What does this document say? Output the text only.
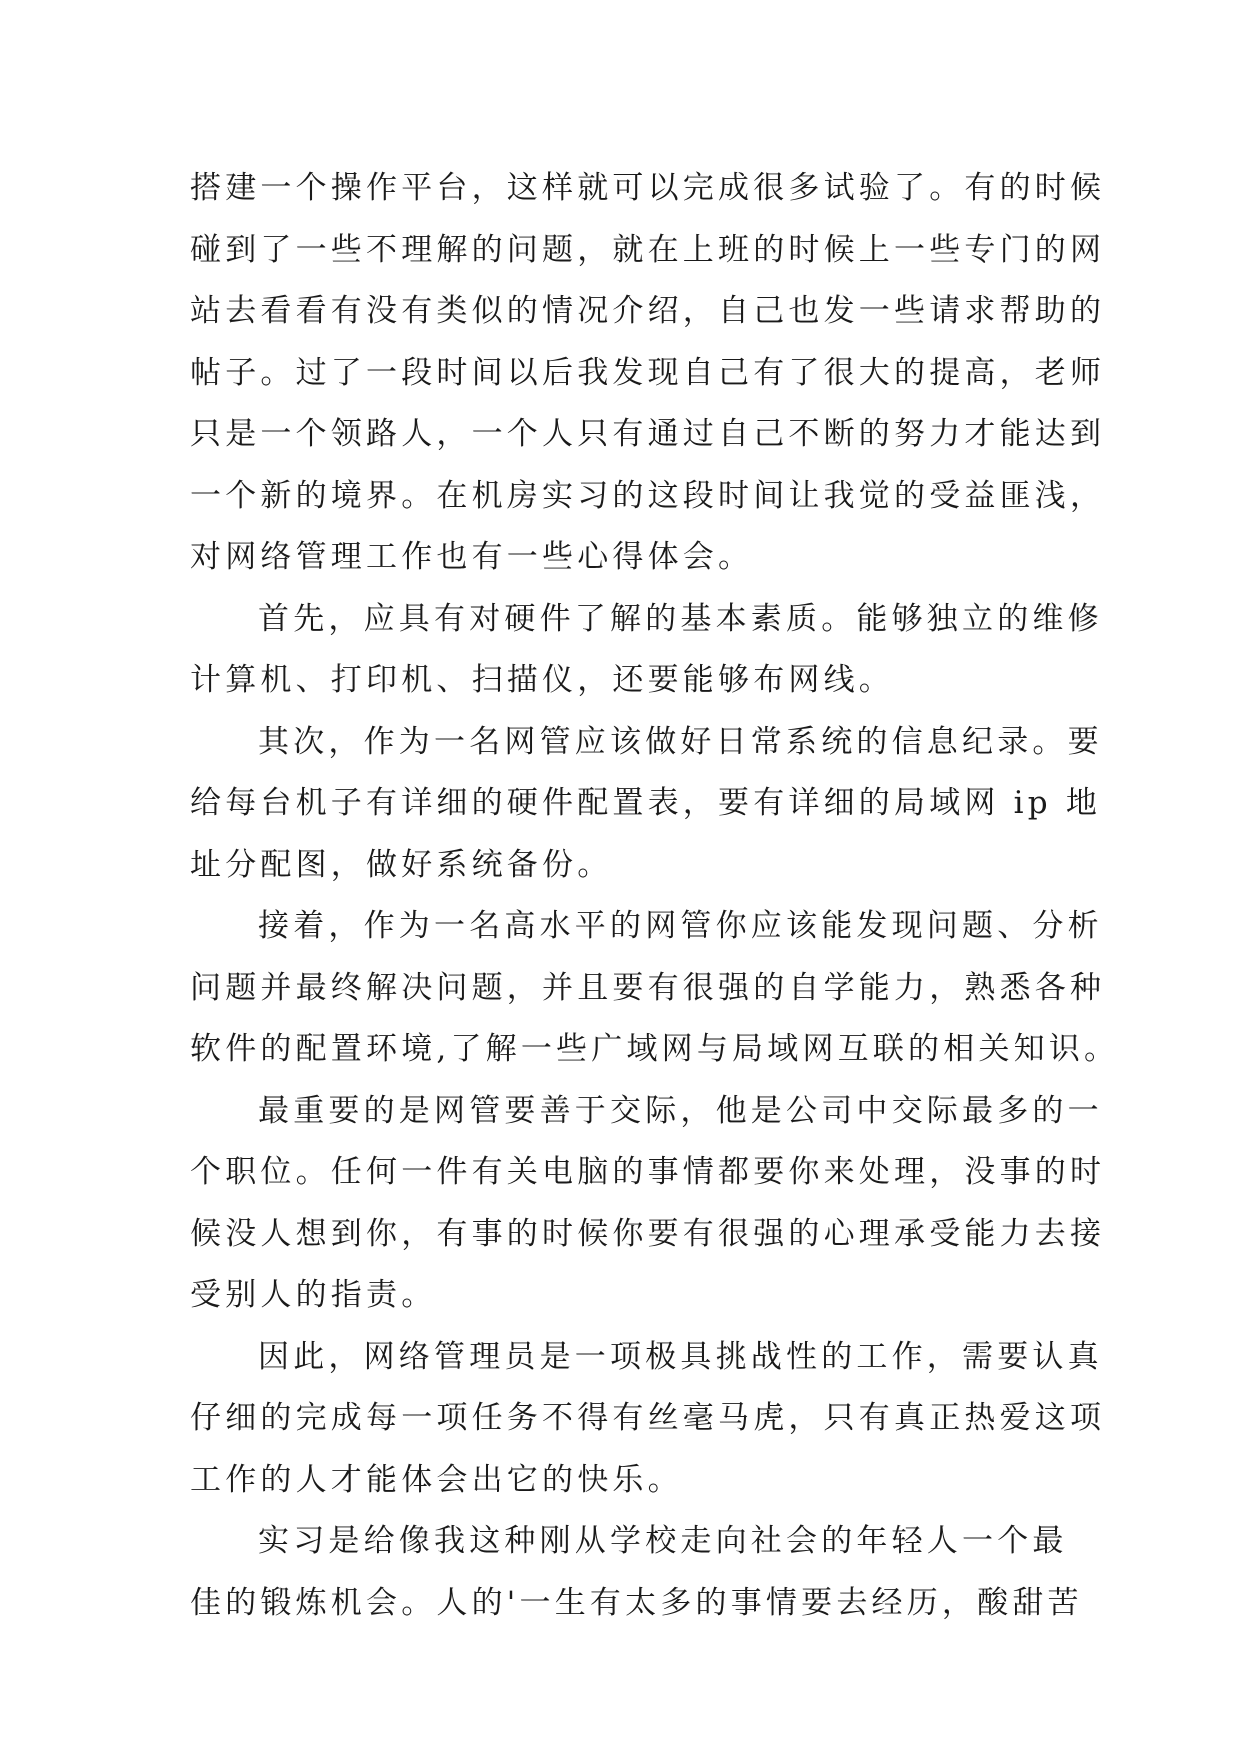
搭建一个操作平台，这样就可以完成很多试验了。有的时候
碰到了一些不理解的问题，就在上班的时候上一些专门的网
站去看看有没有类似的情况介绍，自己也发一些请求帮助的
帖子。过了一段时间以后我发现自己有了很大的提高，老师
只是一个领路人，一个人只有通过自己不断的努力才能达到
一个新的境界。在机房实习的这段时间让我觉的受益匪浅，
对网络管理工作也有一些心得体会。
首先，应具有对硬件了解的基本素质。能够独立的维修
计算机、打印机、扫描仪，还要能够布网线。
其次，作为一名网管应该做好日常系统的信息纪录。要
给每台机子有详细的硬件配置表，要有详细的局域网 ip 地
址分配图，做好系统备份。
接着，作为一名高水平的网管你应该能发现问题、分析
问题并最终解决问题，并且要有很强的自学能力，熟悉各种
软件的配置环境,了解一些广域网与局域网互联的相关知识。
最重要的是网管要善于交际，他是公司中交际最多的一
个职位。任何一件有关电脑的事情都要你来处理，没事的时
候没人想到你，有事的时候你要有很强的心理承受能力去接
受别人的指责。
因此，网络管理员是一项极具挑战性的工作，需要认真
仔细的完成每一项任务不得有丝毫马虎，只有真正热爱这项
工作的人才能体会出它的快乐。
实习是给像我这种刚从学校走向社会的年轻人一个最
佳的锻炼机会。人的'一生有太多的事情要去经历，酸甜苦
